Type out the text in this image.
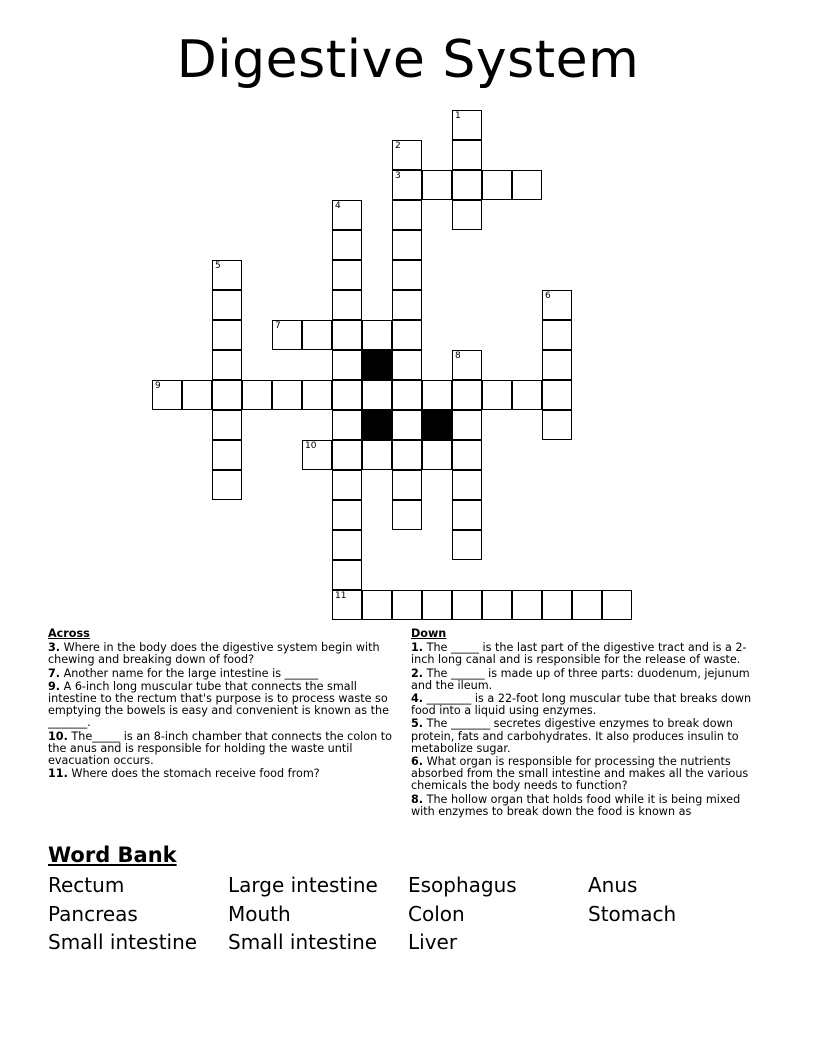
Digestive System
1
2
3
4
11
5
6
7
8
9
10
Across
3. Where in the body does the digestive system begin with chewing and breaking down of food?
7. Another name for the large intestine is ______
9. A 6-inch long muscular tube that connects the small intestine to the rectum that's purpose is to process waste so emptying the bowels is easy and convenient is known as the _______.
10. The_____ is an 8-inch chamber that connects the colon to the anus and is responsible for holding the waste until evacuation occurs.
11. Where does the stomach receive food from?
Down
1. The _____ is the last part of the digestive tract and is a 2-inch long canal and is responsible for the release of waste.
2. The ______ is made up of three parts: duodenum, jejunum and the ileum.
4. ________ is a 22-foot long muscular tube that breaks down food into a liquid using enzymes.
5. The _______ secretes digestive enzymes to break down protein, fats and carbohydrates. It also produces insulin to metabolize sugar.
6. What organ is responsible for processing the nutrients absorbed from the small intestine and makes all the various chemicals the body needs to function?
8. The hollow organ that holds food while it is being mixed with enzymes to break down the food is known as
Word Bank
Rectum	Large intestine Esophagus	Anus
Pancreas	Mouth	Colon	Stomach
Small intestine Small intestine Liver
